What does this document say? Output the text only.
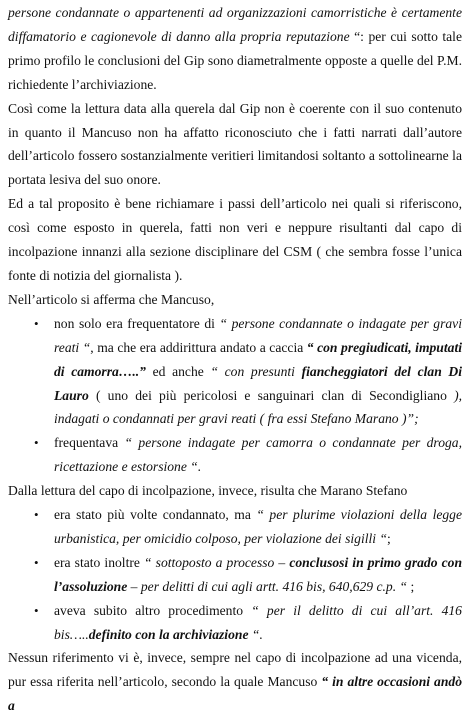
persone condannate o appartenenti ad organizzazioni camorristiche è certamente diffamatorio e cagionevole di danno alla propria reputazione “: per cui sotto tale primo profilo le conclusioni del Gip sono diametralmente opposte a quelle del P.M. richiedente l’archiviazione.

Così come la lettura data alla querela dal Gip non è coerente con il suo contenuto in quanto il Mancuso non ha affatto riconosciuto che i fatti narrati dall’autore dell’articolo fossero sostanzialmente veritieri limitandosi soltanto a sottolinearne la portata lesiva del suo onore.

Ed a tal proposito è bene richiamare i passi dell’articolo nei quali si riferiscono, così come esposto in querela, fatti non veri e neppure risultanti dal capo di incolpazione innanzi alla sezione disciplinare del CSM ( che sembra fosse l’unica fonte di notizia del giornalista ).

Nell’articolo si afferma che Mancuso,

• non solo era frequentatore di “ persone condannate o indagate per gravi reati “, ma che era addirittura andato a caccia “ con pregiudicati, imputati di camorra…..” ed anche “ con presunti fiancheggiatori del clan Di Lauro ( uno dei più pericolosi e sanguinari clan di Secondigliano ), indagati o condannati per gravi reati ( fra essi Stefano Marano )”;
• frequentava “ persone indagate per camorra o condannate per droga, ricettazione e estorsione “.

Dalla lettura del capo di incolpazione, invece, risulta che Marano Stefano

• era stato più volte condannato, ma “ per plurime violazioni della legge urbanistica, per omicidio colposo, per violazione dei sigilli “;
• era stato inoltre “ sottoposto a processo – conclusosi in primo grado con l’assoluzione – per delitti di cui agli artt. 416 bis, 640,629 c.p. “ ;
• aveva subito altro procedimento “ per il delitto di cui all’art. 416 bis…..definito con la archiviazione “.

Nessun riferimento vi è, invece, sempre nel capo di incolpazione ad una vicenda, pur essa riferita nell’articolo, secondo la quale Mancuso “ in altre occasioni andò a
